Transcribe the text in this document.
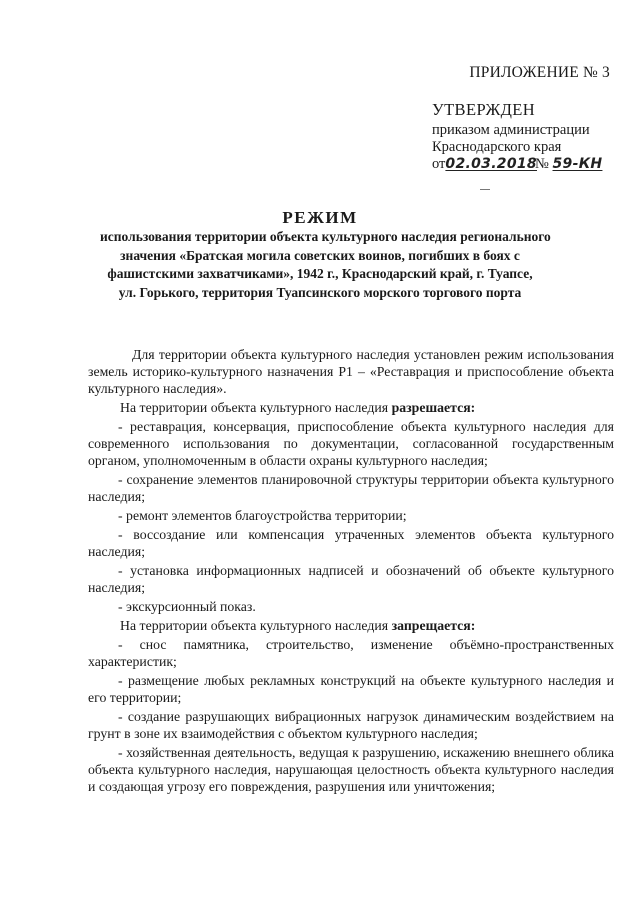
ПРИЛОЖЕНИЕ № 3
УТВЕРЖДЕН
приказом администрации
Краснодарского края
от02.03.2018 № 59-КН
РЕЖИМ
использования территории объекта культурного наследия регионального
значения «Братская могила советских воинов, погибших в боях с
фашистскими захватчиками», 1942 г., Краснодарский край, г. Туапсе,
ул. Горького, территория Туапсинского морского торгового порта

Для территории объекта культурного наследия установлен режим использования земель историко-культурного назначения Р1 – «Реставрация и приспособление объекта культурного наследия».

На территории объекта культурного наследия разрешается:

- реставрация, консервация, приспособление объекта культурного наследия для современного использования по документации, согласованной государственным органом, уполномоченным в области охраны культурного наследия;

- сохранение элементов планировочной структуры территории объекта культурного наследия;

- ремонт элементов благоустройства территории;

- воссоздание или компенсация утраченных элементов объекта культурного наследия;

- установка информационных надписей и обозначений об объекте культурного наследия;

- экскурсионный показ.

На территории объекта культурного наследия запрещается:

- снос памятника, строительство, изменение объёмно-пространственных характеристик;

- размещение любых рекламных конструкций на объекте культурного наследия и его территории;

- создание разрушающих вибрационных нагрузок динамическим воздействием на грунт в зоне их взаимодействия с объектом культурного наследия;

- хозяйственная деятельность, ведущая к разрушению, искажению внешнего облика объекта культурного наследия, нарушающая целостность объекта культурного наследия и создающая угрозу его повреждения, разрушения или уничтожения;
